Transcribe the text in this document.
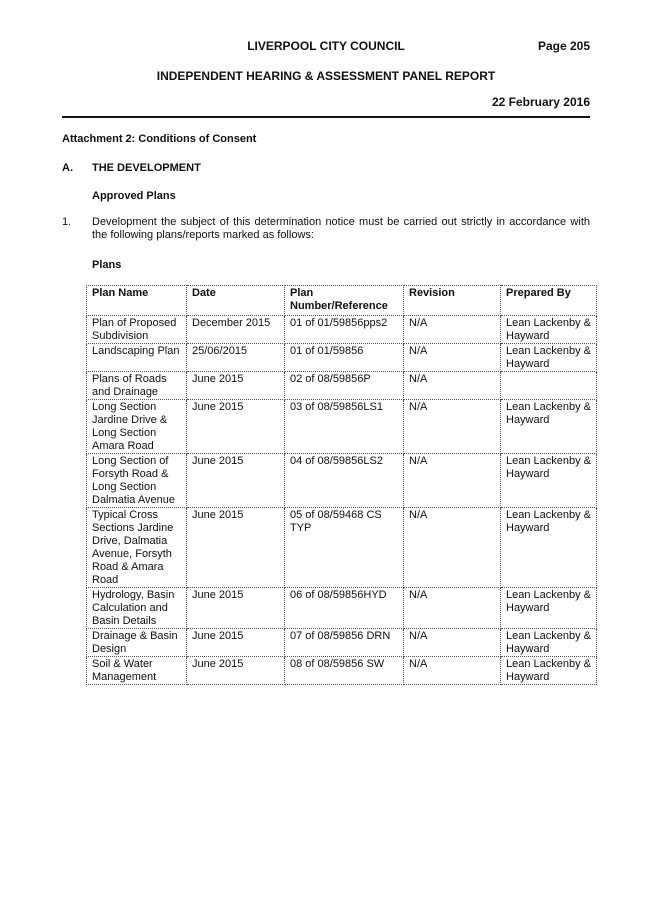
LIVERPOOL CITY COUNCIL	Page 205
INDEPENDENT HEARING & ASSESSMENT PANEL REPORT
22 February 2016
Attachment 2: Conditions of Consent
A. THE DEVELOPMENT
Approved Plans
1. Development the subject of this determination notice must be carried out strictly in accordance with the following plans/reports marked as follows:
Plans
Plan Name	Date	Plan Number/Reference	Revision	Prepared By
Plan of Proposed Subdivision	December 2015	01 of 01/59856pps2	N/A	Lean Lackenby & Hayward
Landscaping Plan	25/06/2015	01 of 01/59856	N/A	Lean Lackenby & Hayward
Plans of Roads and Drainage	June 2015	02 of 08/59856P	N/A	
Long Section Jardine Drive & Long Section Amara Road	June 2015	03 of 08/59856LS1	N/A	Lean Lackenby & Hayward
Long Section of Forsyth Road & Long Section Dalmatia Avenue	June 2015	04 of 08/59856LS2	N/A	Lean Lackenby & Hayward
Typical Cross Sections Jardine Drive, Dalmatia Avenue, Forsyth Road & Amara Road	June 2015	05 of 08/59468 CS TYP	N/A	Lean Lackenby & Hayward
Hydrology, Basin Calculation and Basin Details	June 2015	06 of 08/59856HYD	N/A	Lean Lackenby & Hayward
Drainage & Basin Design	June 2015	07 of 08/59856 DRN	N/A	Lean Lackenby & Hayward
Soil & Water Management	June 2015	08 of 08/59856 SW	N/A	Lean Lackenby & Hayward
